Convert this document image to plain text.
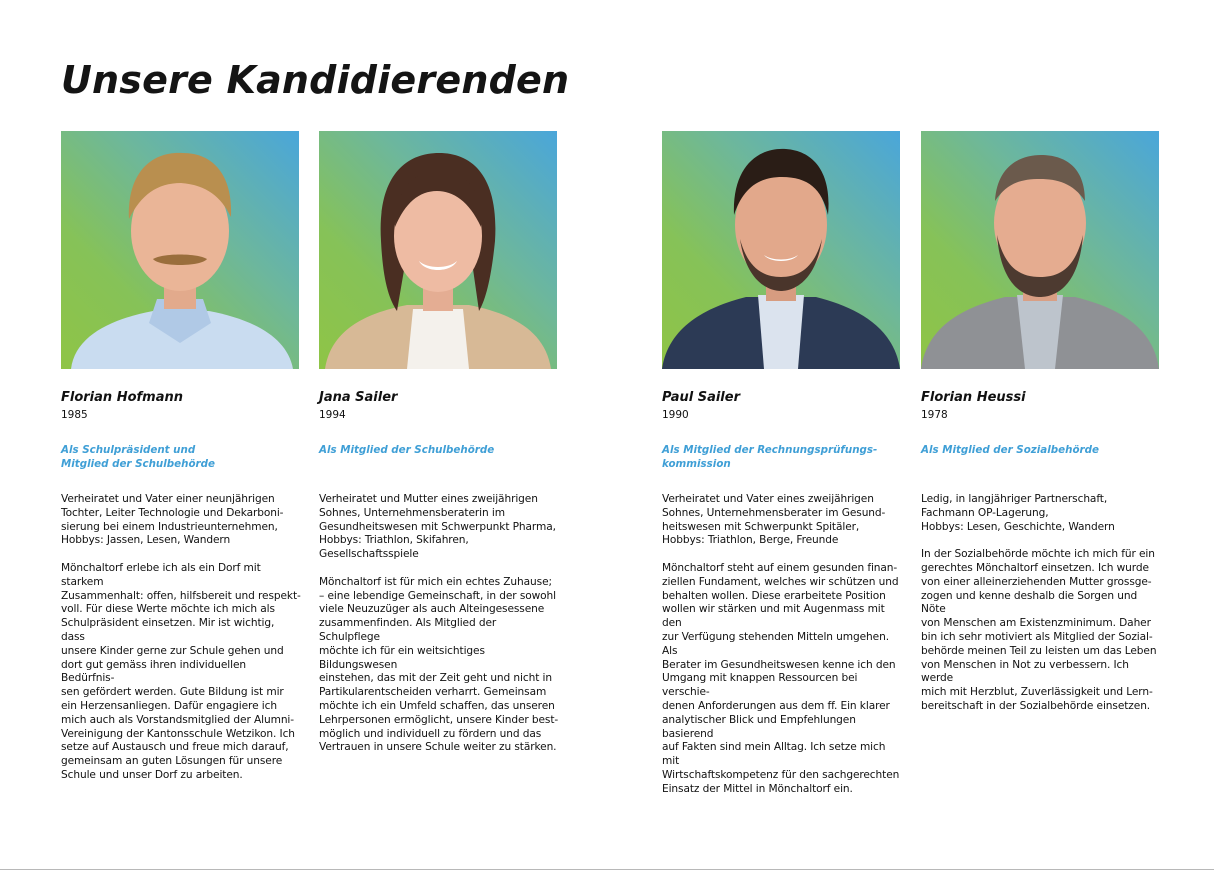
Unsere Kandidierenden
Florian Hofmann
1985
Als Schulpräsident und
Mitglied der Schulbehörde
Verheiratet und Vater einer neunjährigen
Tochter, Leiter Technologie und Dekarboni-
sierung bei einem Industrieunternehmen,
Hobbys: Jassen, Lesen, Wandern
Mönchaltorf erlebe ich als ein Dorf mit starkem
Zusammenhalt: offen, hilfsbereit und respekt-
voll. Für diese Werte möchte ich mich als
Schulpräsident einsetzen. Mir ist wichtig, dass
unsere Kinder gerne zur Schule gehen und
dort gut gemäss ihren individuellen Bedürfnis-
sen gefördert werden. Gute Bildung ist mir
ein Herzensanliegen. Dafür engagiere ich
mich auch als Vorstandsmitglied der Alumni-
Vereinigung der Kantonsschule Wetzikon. Ich
setze auf Austausch und freue mich darauf,
gemeinsam an guten Lösungen für unsere
Schule und unser Dorf zu arbeiten.
Jana Sailer
1994
Als Mitglied der Schulbehörde
Verheiratet und Mutter eines zweijährigen
Sohnes, Unternehmensberaterin im
Gesundheitswesen mit Schwerpunkt Pharma,
Hobbys: Triathlon, Skifahren,
Gesellschaftsspiele
Mönchaltorf ist für mich ein echtes Zuhause;
– eine lebendige Gemeinschaft, in der sowohl
viele Neuzuzüger als auch Alteingesessene
zusammenfinden. Als Mitglied der Schulpflege
möchte ich für ein weitsichtiges Bildungswesen
einstehen, das mit der Zeit geht und nicht in
Partikularentscheiden verharrt. Gemeinsam
möchte ich ein Umfeld schaffen, das unseren
Lehrpersonen ermöglicht, unsere Kinder best-
möglich und individuell zu fördern und das
Vertrauen in unsere Schule weiter zu stärken.
Paul Sailer
1990
Als Mitglied der Rechnungsprüfungs-
kommission
Verheiratet und Vater eines zweijährigen
Sohnes, Unternehmensberater im Gesund-
heitswesen mit Schwerpunkt Spitäler,
Hobbys: Triathlon, Berge, Freunde
Mönchaltorf steht auf einem gesunden finan-
ziellen Fundament, welches wir schützen und
behalten wollen. Diese erarbeitete Position
wollen wir stärken und mit Augenmass mit den
zur Verfügung stehenden Mitteln umgehen. Als
Berater im Gesundheitswesen kenne ich den
Umgang mit knappen Ressourcen bei verschie-
denen Anforderungen aus dem ff. Ein klarer
analytischer Blick und Empfehlungen basierend
auf Fakten sind mein Alltag. Ich setze mich mit
Wirtschaftskompetenz für den sachgerechten
Einsatz der Mittel in Mönchaltorf ein.
Florian Heussi
1978
Als Mitglied der Sozialbehörde
Ledig, in langjähriger Partnerschaft,
Fachmann OP-Lagerung,
Hobbys: Lesen, Geschichte, Wandern
In der Sozialbehörde möchte ich mich für ein
gerechtes Mönchaltorf einsetzen. Ich wurde
von einer alleinerziehenden Mutter grossge-
zogen und kenne deshalb die Sorgen und Nöte
von Menschen am Existenzminimum. Daher
bin ich sehr motiviert als Mitglied der Sozial-
behörde meinen Teil zu leisten um das Leben
von Menschen in Not zu verbessern. Ich werde
mich mit Herzblut, Zuverlässigkeit und Lern-
bereitschaft in der Sozialbehörde einsetzen.
